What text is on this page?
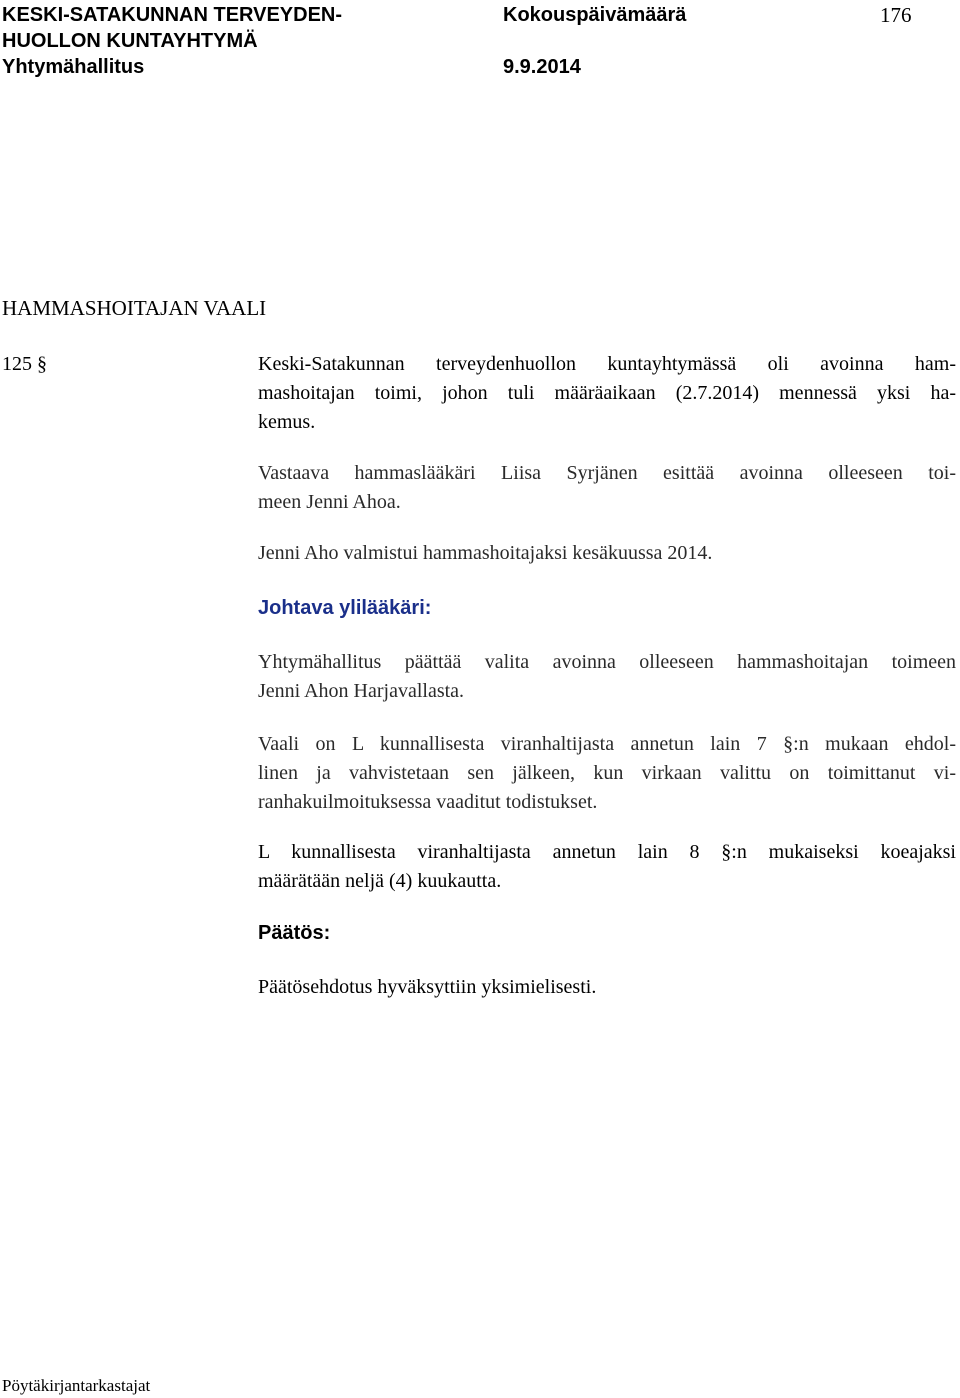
KESKI-SATAKUNNAN TERVEYDEN-
HUOLLON KUNTAYHTYMÄ
Yhtymähallitus
Kokouspäivämäärä
9.9.2014
176
HAMMASHOITAJAN VAALI
125 §	Keski-Satakunnan terveydenhuollon kuntayhtymässä oli avoinna ham-
mashoitajan toimi, johon tuli määräaikaan (2.7.2014) mennessä yksi ha-
kemus.
Vastaava hammaslääkäri Liisa Syrjänen esittää avoinna olleeseen toi-
meen Jenni Ahoa.
Jenni Aho valmistui hammashoitajaksi kesäkuussa 2014.
Johtava ylilääkäri:
Yhtymähallitus päättää valita avoinna olleeseen hammashoitajan toimeen
Jenni Ahon Harjavallasta.
Vaali on L kunnallisesta viranhaltijasta annetun lain 7 §:n mukaan ehdol-
linen ja vahvistetaan sen jälkeen, kun virkaan valittu on toimittanut vi-
ranhakuilmoituksessa vaaditut todistukset.
L kunnallisesta viranhaltijasta annetun lain 8 §:n mukaiseksi koeajaksi
määrätään neljä (4) kuukautta.
Päätös:
Päätösehdotus hyväksyttiin yksimielisesti.
Pöytäkirjantarkastajat
